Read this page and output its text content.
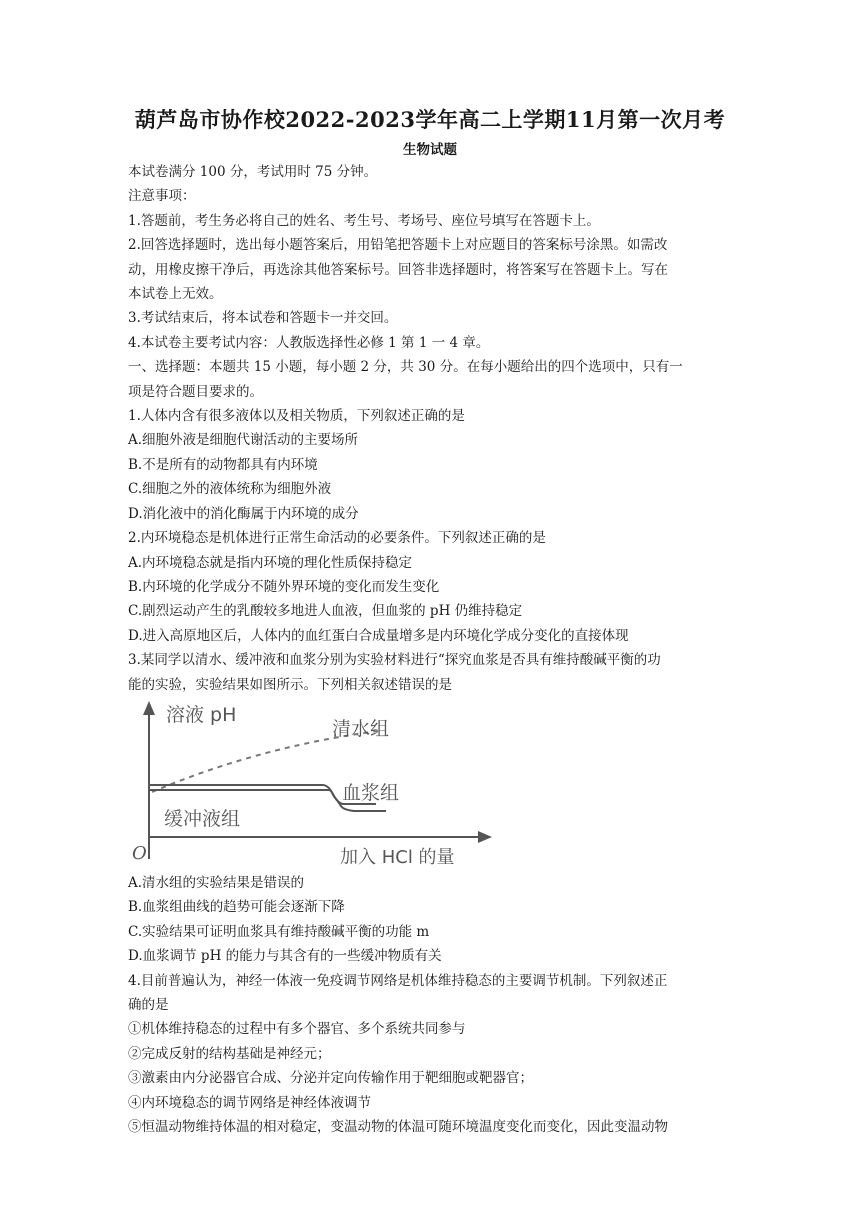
葫芦岛市协作校2022-2023学年高二上学期11月第一次月考
生物试题

本试卷满分 100 分，考试用时 75 分钟。

注意事项：

1.答题前，考生务必将自己的姓名、考生号、考场号、座位号填写在答题卡上。

2.回答选择题时，选出每小题答案后，用铅笔把答题卡上对应题目的答案标号涂黑。如需改

动，用橡皮擦干净后，再选涂其他答案标号。回答非选择题时，将答案写在答题卡上。写在

本试卷上无效。

3.考试结束后，将本试卷和答题卡一并交回。

4.本试卷主要考试内容：人教版选择性必修 1 第 1 一 4 章。

一、选择题：本题共 15 小题，每小题 2 分，共 30 分。在每小题给出的四个选项中，只有一

项是符合题目要求的。

1.人体内含有很多液体以及相关物质，下列叙述正确的是

A.细胞外液是细胞代谢活动的主要场所

B.不是所有的动物都具有内环境

C.细胞之外的液体统称为细胞外液

D.消化液中的消化酶属于内环境的成分

2.内环境稳态是机体进行正常生命活动的必要条件。下列叙述正确的是

A.内环境稳态就是指内环境的理化性质保持稳定

B.内环境的化学成分不随外界环境的变化而发生变化

C.剧烈运动产生的乳酸较多地进人血液，但血浆的 pH 仍维持稳定

D.进入高原地区后，人体内的血红蛋白合成量增多是内环境化学成分变化的直接体现

3.某同学以清水、缓冲液和血浆分别为实验材料进行“探究血浆是否具有维持酸碱平衡的功

能的实验，实验结果如图所示。下列相关叙述错误的是

溶液 pH
清水组
血浆组
缓冲液组
O	加入 HCl 的量

A.清水组的实验结果是错误的

B.血浆组曲线的趋势可能会逐渐下降

C.实验结果可证明血浆具有维持酸碱平衡的功能 m

D.血浆调节 pH 的能力与其含有的一些缓冲物质有关

4.目前普遍认为，神经一体液一免疫调节网络是机体维持稳态的主要调节机制。下列叙述正

确的是

①机体维持稳态的过程中有多个器官、多个系统共同参与

②完成反射的结构基础是神经元；

③激素由内分泌器官合成、分泌并定向传输作用于靶细胞或靶器官；

④内环境稳态的调节网络是神经体液调节

⑤恒温动物维持体温的相对稳定，变温动物的体温可随环境温度变化而变化，因此变温动物
